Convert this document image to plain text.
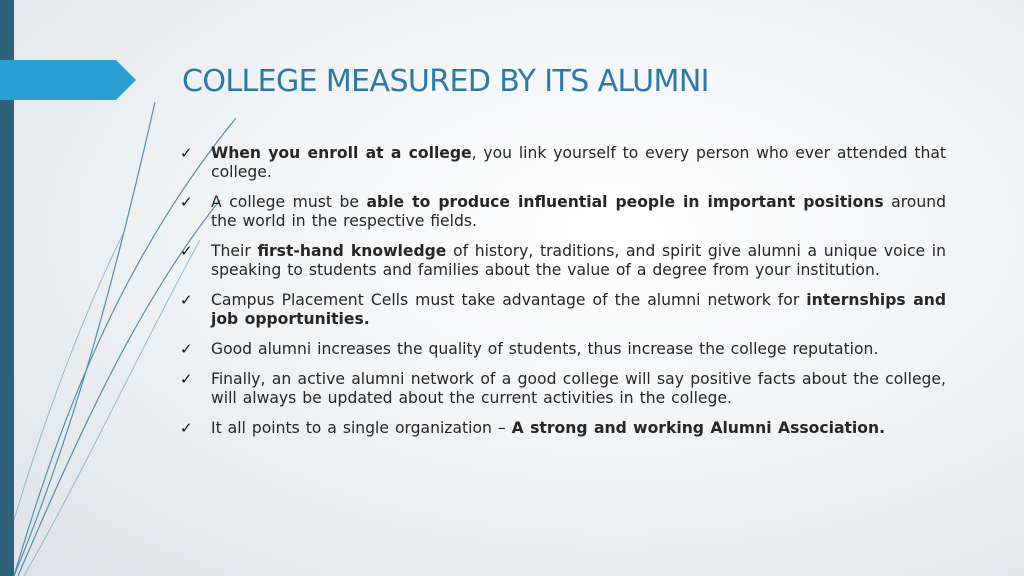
COLLEGE MEASURED BY ITS ALUMNI
✓ When you enroll at a college, you link yourself to every person who ever attended that college.
✓ A college must be able to produce influential people in important positions around the world in the respective fields.
✓ Their first-hand knowledge of history, traditions, and spirit give alumni a unique voice in speaking to students and families about the value of a degree from your institution.
✓ Campus Placement Cells must take advantage of the alumni network for internships and job opportunities.
✓ Good alumni increases the quality of students, thus increase the college reputation.
✓ Finally, an active alumni network of a good college will say positive facts about the college, will always be updated about the current activities in the college.
✓ It all points to a single organization – A strong and working Alumni Association.
